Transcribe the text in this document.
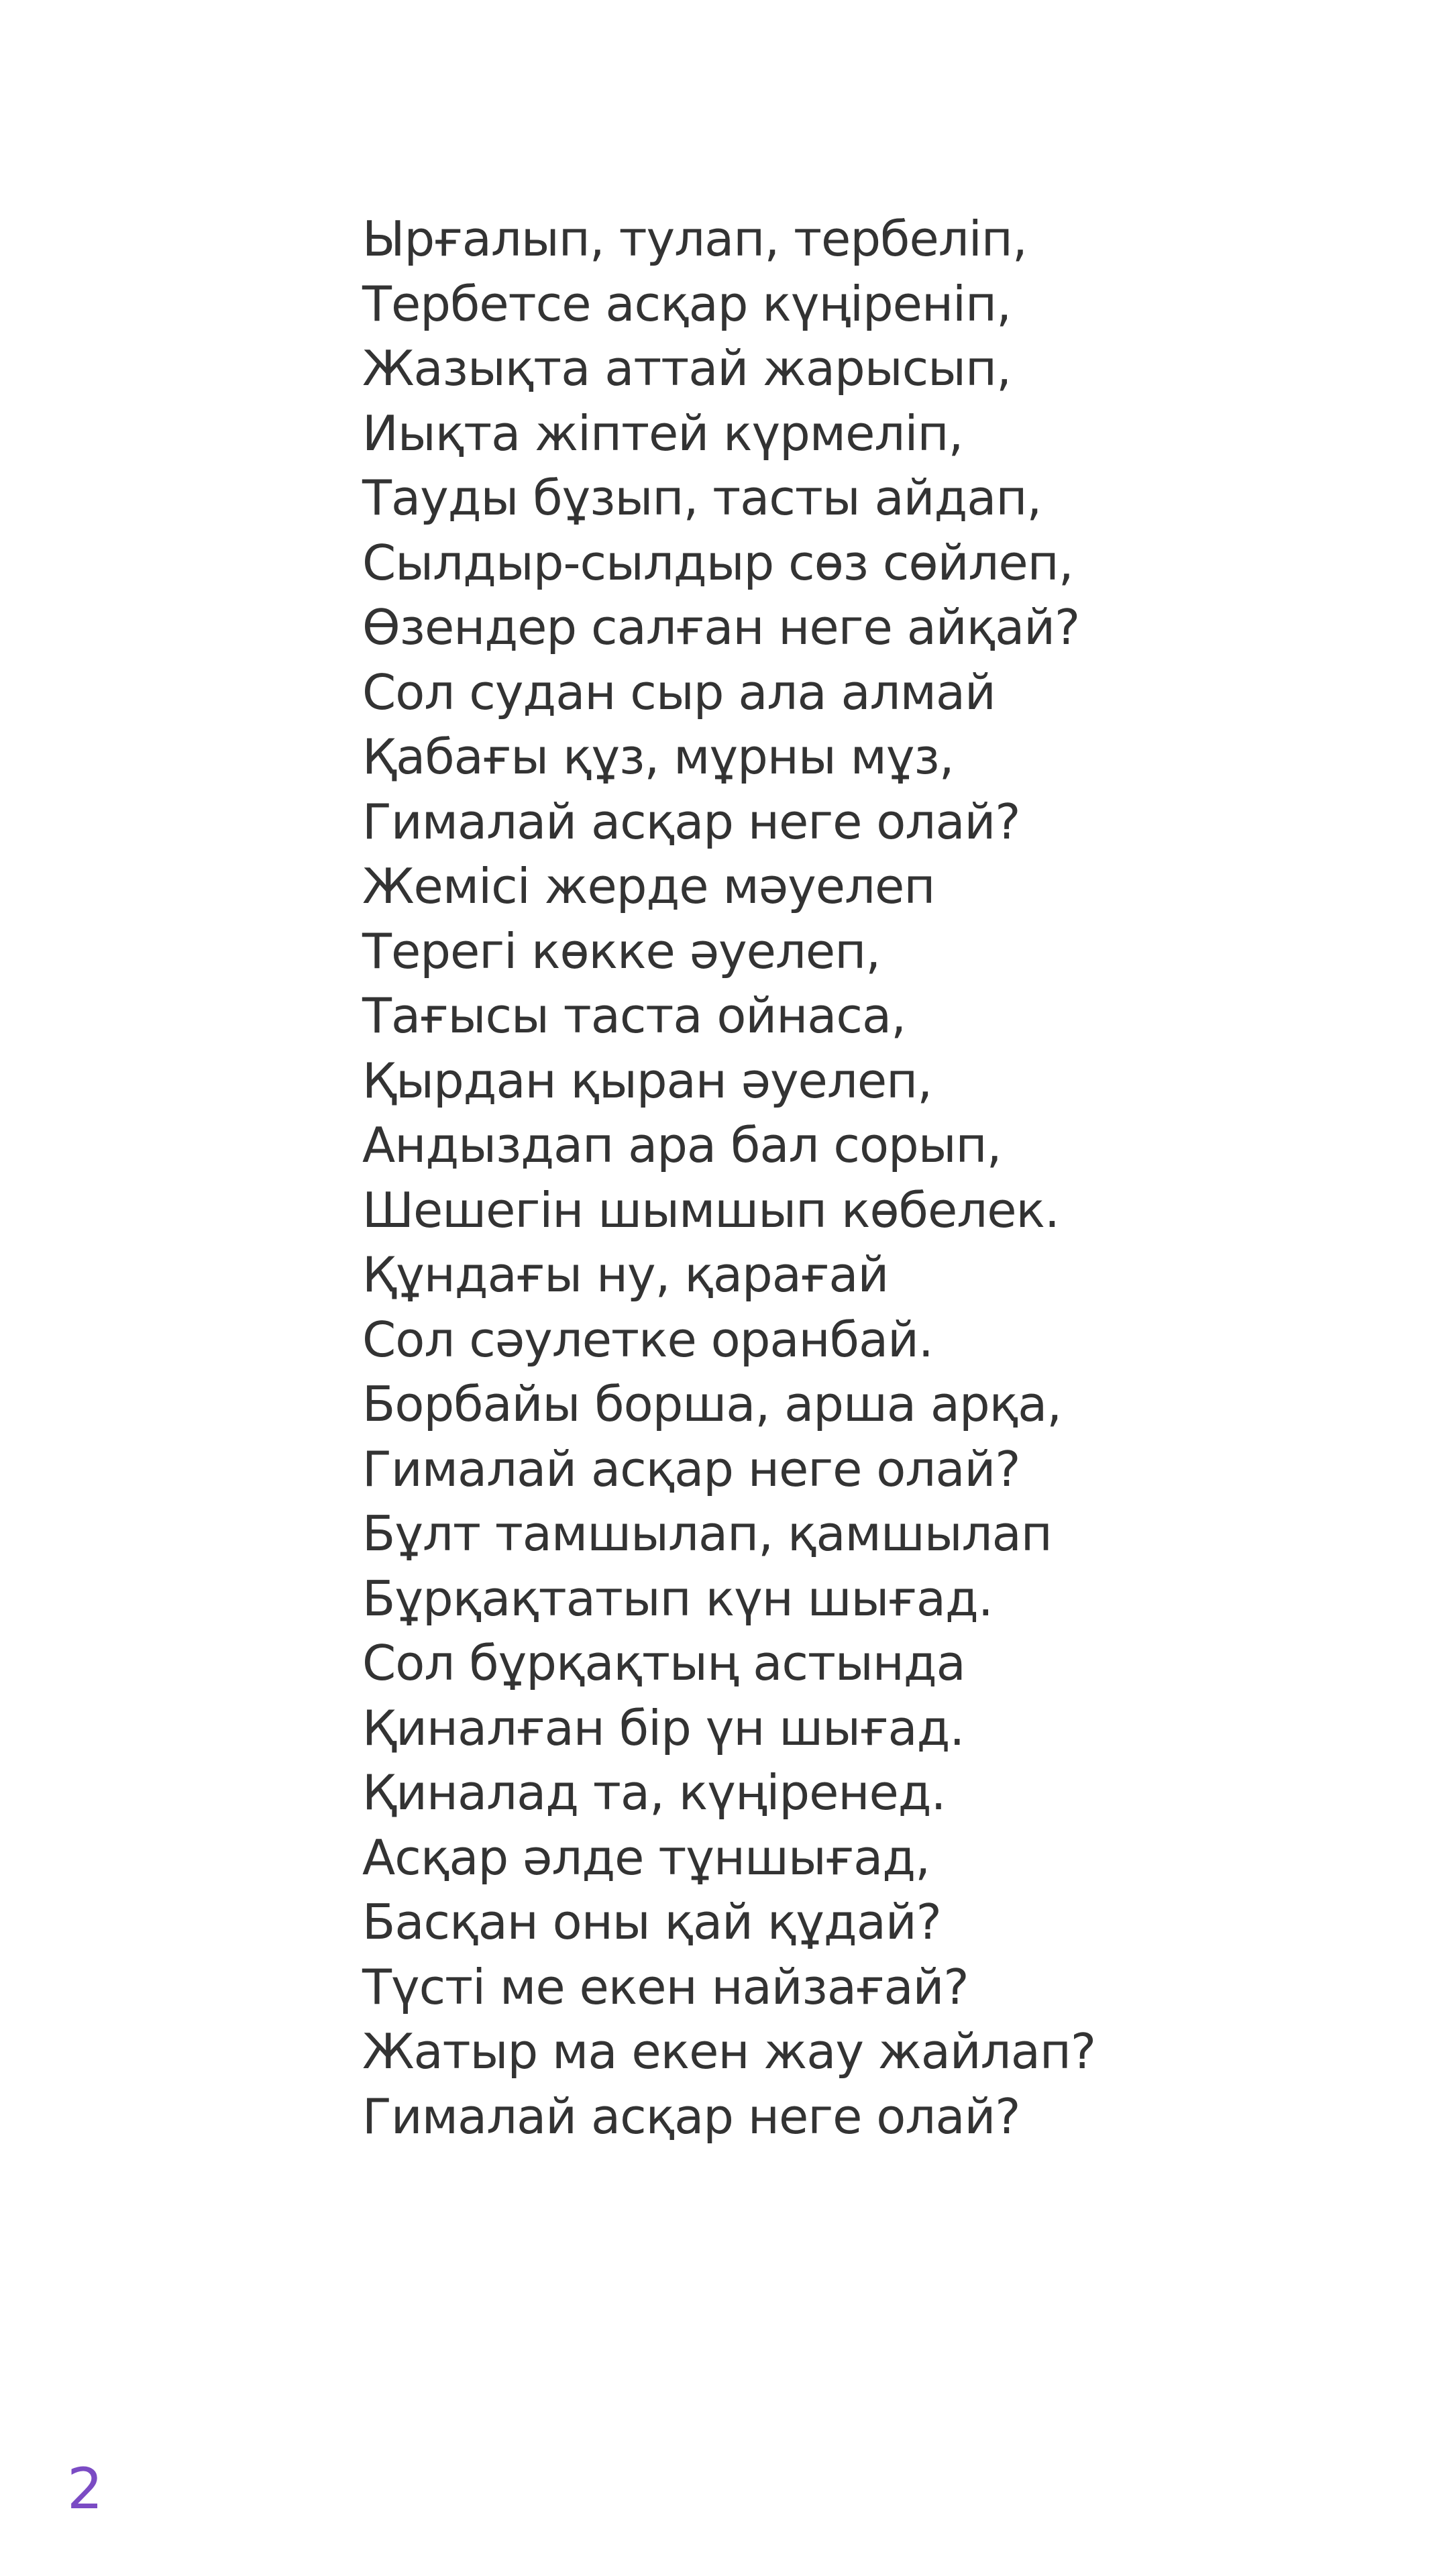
Ырғалып, тулап, тербеліп,
Тербетсе асқар күңіреніп,
Жазықта аттай жарысып,
Иықта жіптей күрмеліп,
Тауды бұзып, тасты айдап,
Сылдыр-сылдыр сөз сөйлеп,
Өзендер салған неге айқай?
Сол судан сыр ала алмай
Қабағы құз, мұрны мұз,
Гималай асқар неге олай?
Жемісі жерде мәуелеп
Терегі көкке әуелеп,
Тағысы таста ойнаса,
Қырдан қыран әуелеп,
Андыздап ара бал сорып,
Шешегін шымшып көбелек.
Құндағы ну, қарағай
Сол сәулетке оранбай.
Борбайы борша, арша арқа,
Гималай асқар неге олай?
Бұлт тамшылап, қамшылап
Бұрқақтатып күн шығад.
Сол бұрқақтың астында
Қиналған бір үн шығад.
Қиналад та, күңіренед.
Асқар әлде тұншығад,
Басқан оны қай құдай?
Түсті ме екен найзағай?
Жатыр ма екен жау жайлап?
Гималай асқар неге олай?
2
